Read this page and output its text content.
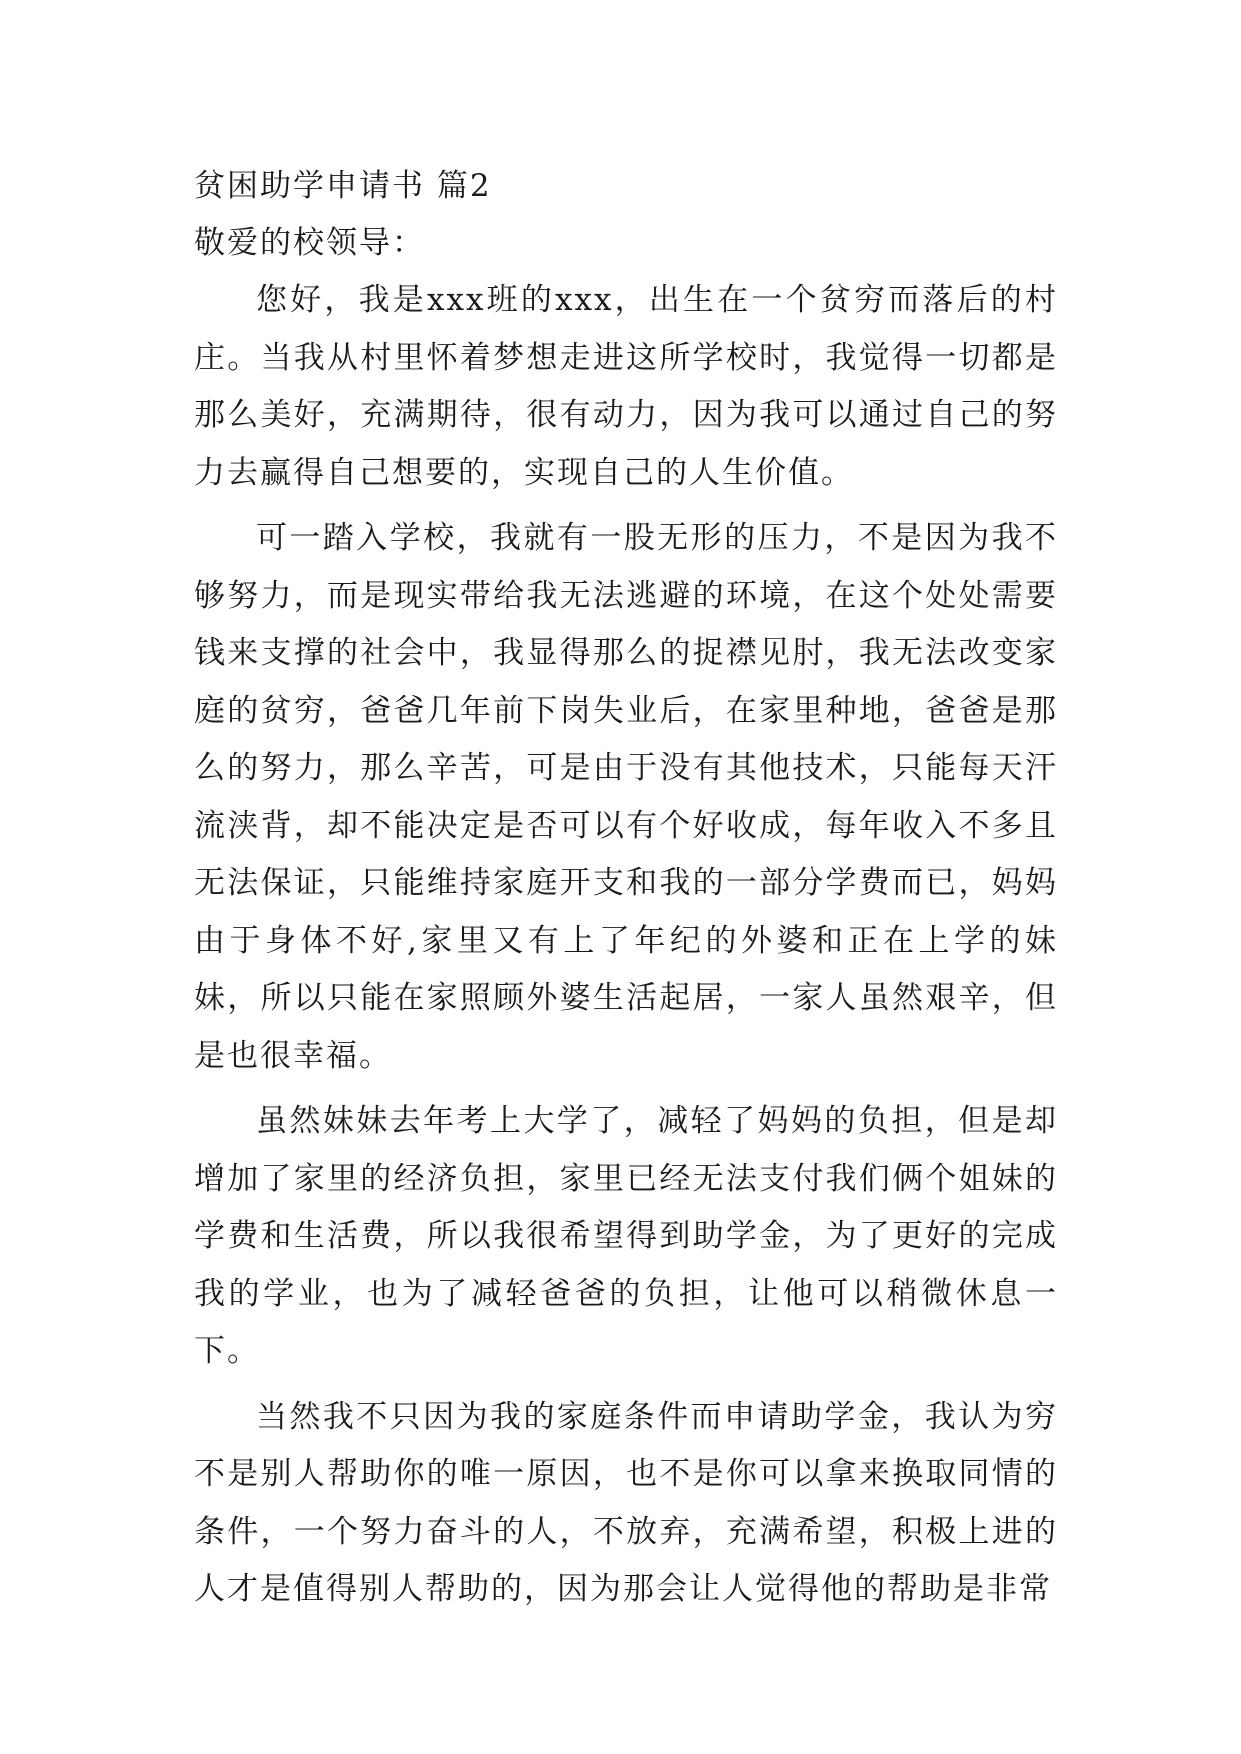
贫困助学申请书 篇2
敬爱的校领导：

您好，我是xxx班的xxx，出生在一个贫穷而落后的村庄。当我从村里怀着梦想走进这所学校时，我觉得一切都是那么美好，充满期待，很有动力，因为我可以通过自己的努力去赢得自己想要的，实现自己的人生价值。

可一踏入学校，我就有一股无形的压力，不是因为我不够努力，而是现实带给我无法逃避的环境，在这个处处需要钱来支撑的社会中，我显得那么的捉襟见肘，我无法改变家庭的贫穷，爸爸几年前下岗失业后，在家里种地，爸爸是那么的努力，那么辛苦，可是由于没有其他技术，只能每天汗流浃背，却不能决定是否可以有个好收成，每年收入不多且无法保证，只能维持家庭开支和我的一部分学费而已，妈妈由于身体不好,家里又有上了年纪的外婆和正在上学的妹妹，所以只能在家照顾外婆生活起居，一家人虽然艰辛，但是也很幸福。

虽然妹妹去年考上大学了，减轻了妈妈的负担，但是却增加了家里的经济负担，家里已经无法支付我们俩个姐妹的学费和生活费，所以我很希望得到助学金，为了更好的完成我的学业，也为了减轻爸爸的负担，让他可以稍微休息一下。

当然我不只因为我的家庭条件而申请助学金，我认为穷不是别人帮助你的唯一原因，也不是你可以拿来换取同情的条件，一个努力奋斗的人，不放弃，充满希望，积极上进的人才是值得别人帮助的，因为那会让人觉得他的帮助是非常
